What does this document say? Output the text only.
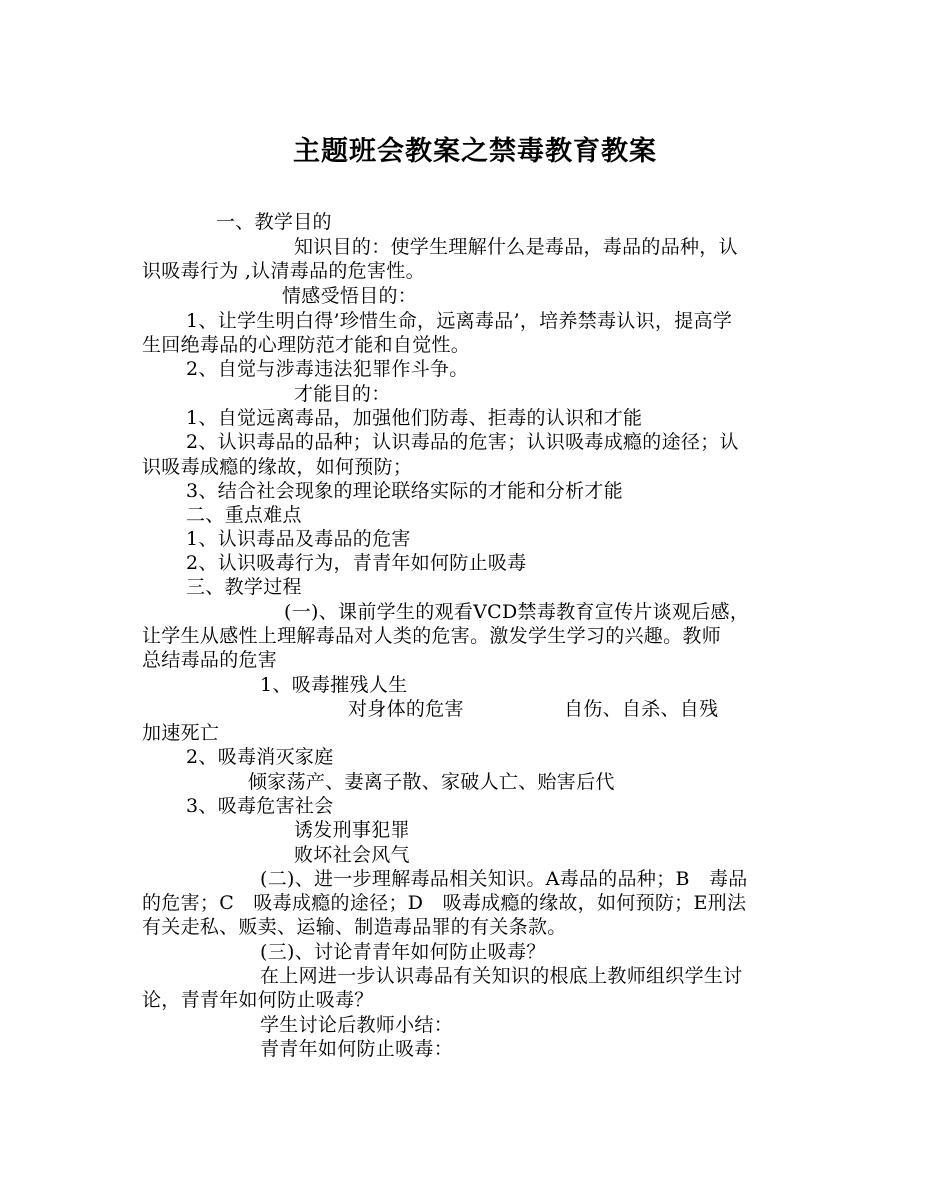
主题班会教案之禁毒教育教案
一、教学目的
知识目的：使学生理解什么是毒品，毒品的品种，认
识吸毒行为 ,认清毒品的危害性。
情感受悟目的：
1、让学生明白得’珍惜生命，远离毒品’，培养禁毒认识，提高学
生回绝毒品的心理防范才能和自觉性。
2、自觉与涉毒违法犯罪作斗争。
才能目的：
1、自觉远离毒品，加强他们防毒、拒毒的认识和才能
2、认识毒品的品种；认识毒品的危害；认识吸毒成瘾的途径；认
识吸毒成瘾的缘故，如何预防；
3、结合社会现象的理论联络实际的才能和分析才能
二、重点难点
1、认识毒品及毒品的危害
2、认识吸毒行为，青青年如何防止吸毒
三、教学过程
(一)、课前学生的观看VCD禁毒教育宣传片谈观后感，
让学生从感性上理解毒品对人类的危害。激发学生学习的兴趣。教师
总结毒品的危害
1、吸毒摧残人生
对身体的危害	自伤、自杀、自残
加速死亡
2、吸毒消灭家庭
倾家荡产、妻离子散、家破人亡、贻害后代
3、吸毒危害社会
诱发刑事犯罪
败坏社会风气
(二)、进一步理解毒品相关知识。A毒品的品种；B　毒品
的危害；C　吸毒成瘾的途径；D　吸毒成瘾的缘故，如何预防；E刑法
有关走私、贩卖、运输、制造毒品罪的有关条款。
(三)、讨论青青年如何防止吸毒？
在上网进一步认识毒品有关知识的根底上教师组织学生讨
论，青青年如何防止吸毒？
学生讨论后教师小结：
青青年如何防止吸毒：
